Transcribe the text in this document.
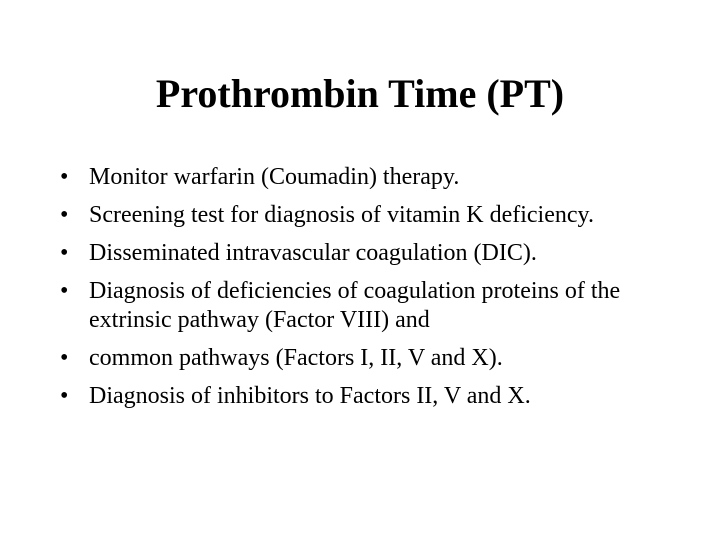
Prothrombin Time (PT)
• Monitor warfarin (Coumadin) therapy.
• Screening test for diagnosis of vitamin K deficiency.
• Disseminated intravascular coagulation (DIC).
• Diagnosis of deficiencies of coagulation proteins of the extrinsic pathway (Factor VIII) and
• common pathways (Factors I, II, V and X).
• Diagnosis of inhibitors to Factors II, V and X.
